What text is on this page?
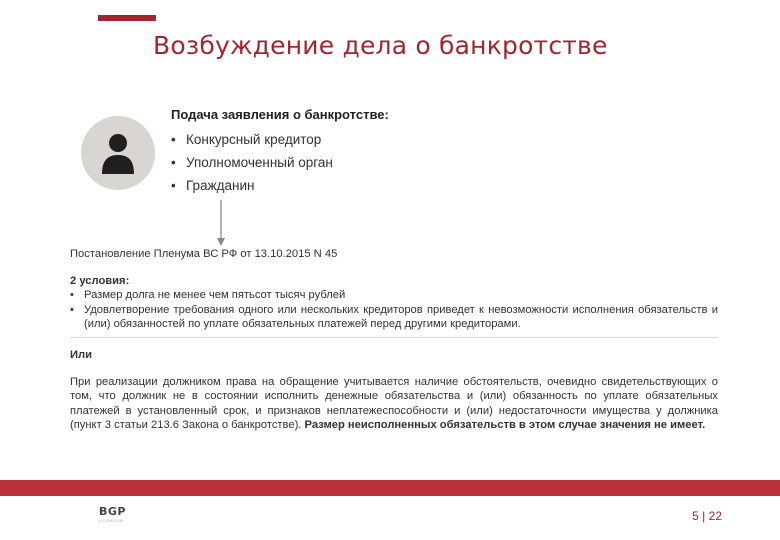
Возбуждение дела о банкротстве
Подача заявления о банкротстве:
• Конкурсный кредитор
• Уполномоченный орган
• Гражданин
Постановление Пленума ВС РФ от 13.10.2015 N 45
2 условия:
• Размер долга не менее чем пятьсот тысяч рублей
• Удовлетворение требования одного или нескольких кредиторов приведет к невозможности исполнения обязательств и (или) обязанностей по уплате обязательных платежей перед другими кредиторами.
Или
При реализации должником права на обращение учитывается наличие обстоятельств, очевидно свидетельствующих о том, что должник не в состоянии исполнить денежные обязательства и (или) обязанность по уплате обязательных платежей в установленный срок, и признаков неплатежеспособности и (или) недостаточности имущества у должника (пункт 3 статьи 213.6 Закона о банкротстве). Размер неисполненных обязательств в этом случае значения не имеет.
BGP
LITIGATION	5 | 22
